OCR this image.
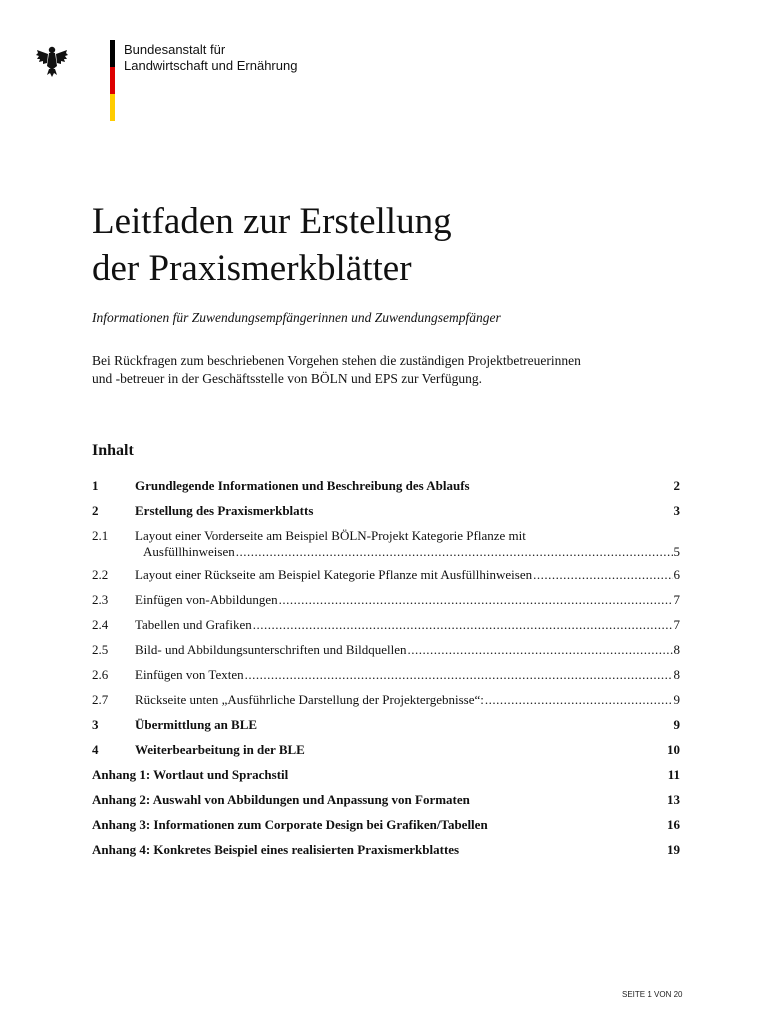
Bundesanstalt für
Landwirtschaft und Ernährung
Leitfaden zur Erstellung
der Praxismerkblätter
Informationen für Zuwendungsempfängerinnen und Zuwendungsempfänger
Bei Rückfragen zum beschriebenen Vorgehen stehen die zuständigen Projektbetreuerinnen
und -betreuer in der Geschäftsstelle von BÖLN und EPS zur Verfügung.
Inhalt
1	Grundlegende Informationen und Beschreibung des Ablaufs	2
2	Erstellung des Praxismerkblatts	3
2.1 Layout einer Vorderseite am Beispiel BÖLN-Projekt Kategorie Pflanze mit
Ausfüllhinweisen .....	5
2.2 Layout einer Rückseite am Beispiel Kategorie Pflanze mit Ausfüllhinweisen .....	6
2.3 Einfügen von-Abbildungen .....	7
2.4 Tabellen und Grafiken .....	7
2.5 Bild- und Abbildungsunterschriften und Bildquellen .....	8
2.6 Einfügen von Texten .....	8
2.7 Rückseite unten „Ausführliche Darstellung der Projektergebnisse“: .....	9
3	Übermittlung an BLE	9
4	Weiterbearbeitung in der BLE	10
Anhang 1: Wortlaut und Sprachstil	11
Anhang 2: Auswahl von Abbildungen und Anpassung von Formaten	13
Anhang 3: Informationen zum Corporate Design bei Grafiken/Tabellen	16
Anhang 4: Konkretes Beispiel eines realisierten Praxismerkblattes	19
SEITE 1 VON 20
